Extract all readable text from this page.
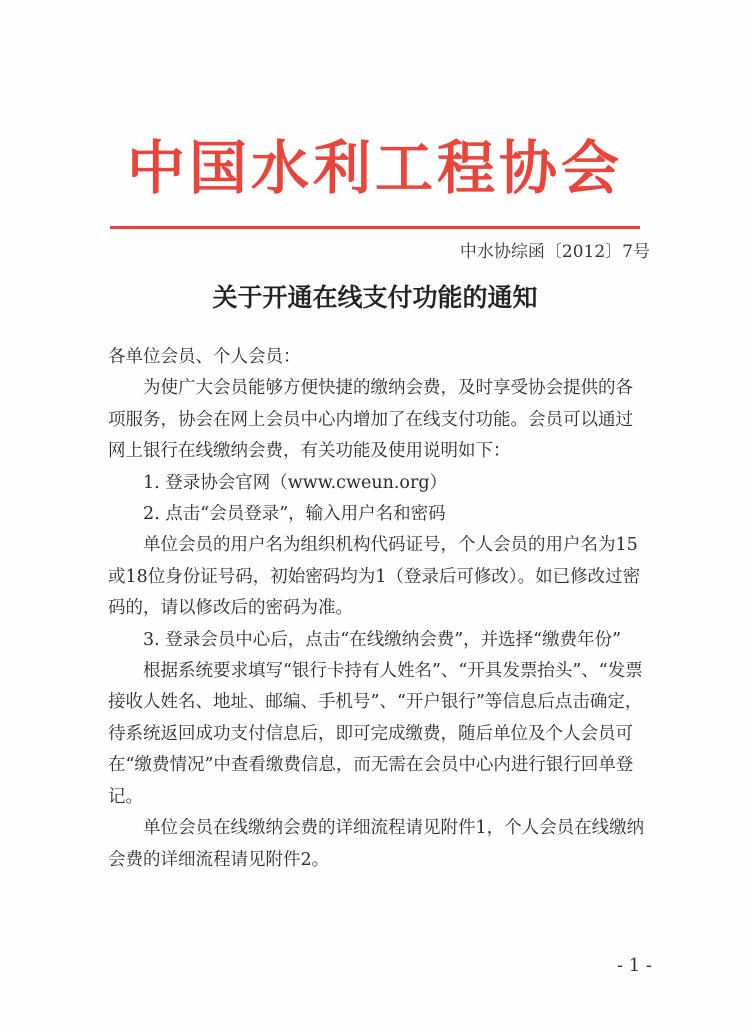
中国水利工程协会
中水协综函〔2012〕7号
关于开通在线支付功能的通知

各单位会员、个人会员：

为使广大会员能够方便快捷的缴纳会费，及时享受协会提供的各项服务，协会在网上会员中心内增加了在线支付功能。会员可以通过网上银行在线缴纳会费，有关功能及使用说明如下：

1. 登录协会官网（www.cweun.org）

2. 点击“会员登录”，输入用户名和密码

单位会员的用户名为组织机构代码证号，个人会员的用户名为15或18位身份证号码，初始密码均为1（登录后可修改）。如已修改过密码的，请以修改后的密码为准。

3. 登录会员中心后，点击“在线缴纳会费”，并选择“缴费年份”

根据系统要求填写“银行卡持有人姓名”、“开具发票抬头”、“发票接收人姓名、地址、邮编、手机号”、“开户银行”等信息后点击确定，待系统返回成功支付信息后，即可完成缴费，随后单位及个人会员可在“缴费情况”中查看缴费信息，而无需在会员中心内进行银行回单登记。

单位会员在线缴纳会费的详细流程请见附件1，个人会员在线缴纳会费的详细流程请见附件2。

- 1 -
